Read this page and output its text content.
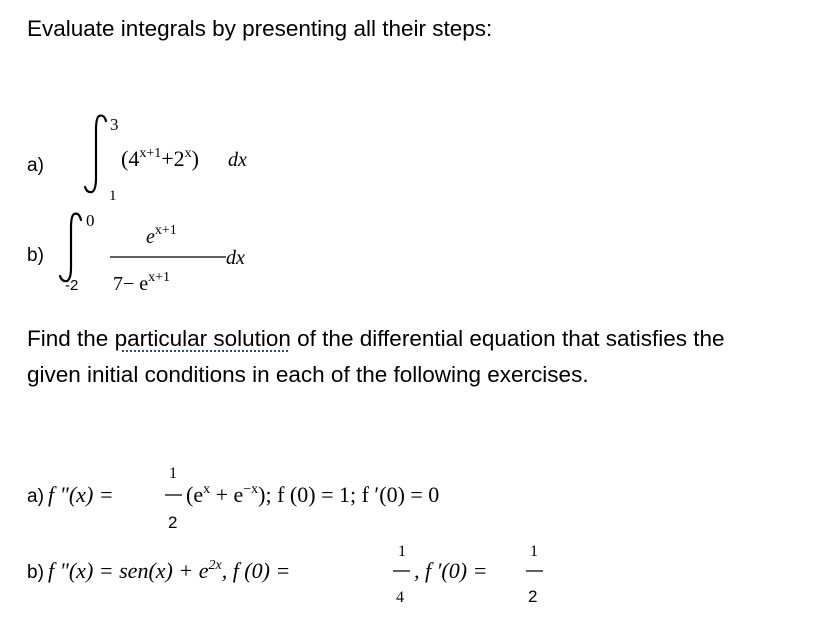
Evaluate integrals by presenting all their steps:
a)
3
1
$(4^{x+1}+2^x)$ dx
b)
0
-2
$e^{x+1}$
$7- e^{x+1}$
dx
a) f "(x) =
1
2
$(e^x + e^{-x})$; f (0) = 1; f ′(0) = 0
b) f "$(x) = sen(x) + e^{2x}$, f (0) =
1
4
, f ′(0) =
1
2
Find the particular solution of the differential equation that satisfies the
given initial conditions in each of the following exercises.
